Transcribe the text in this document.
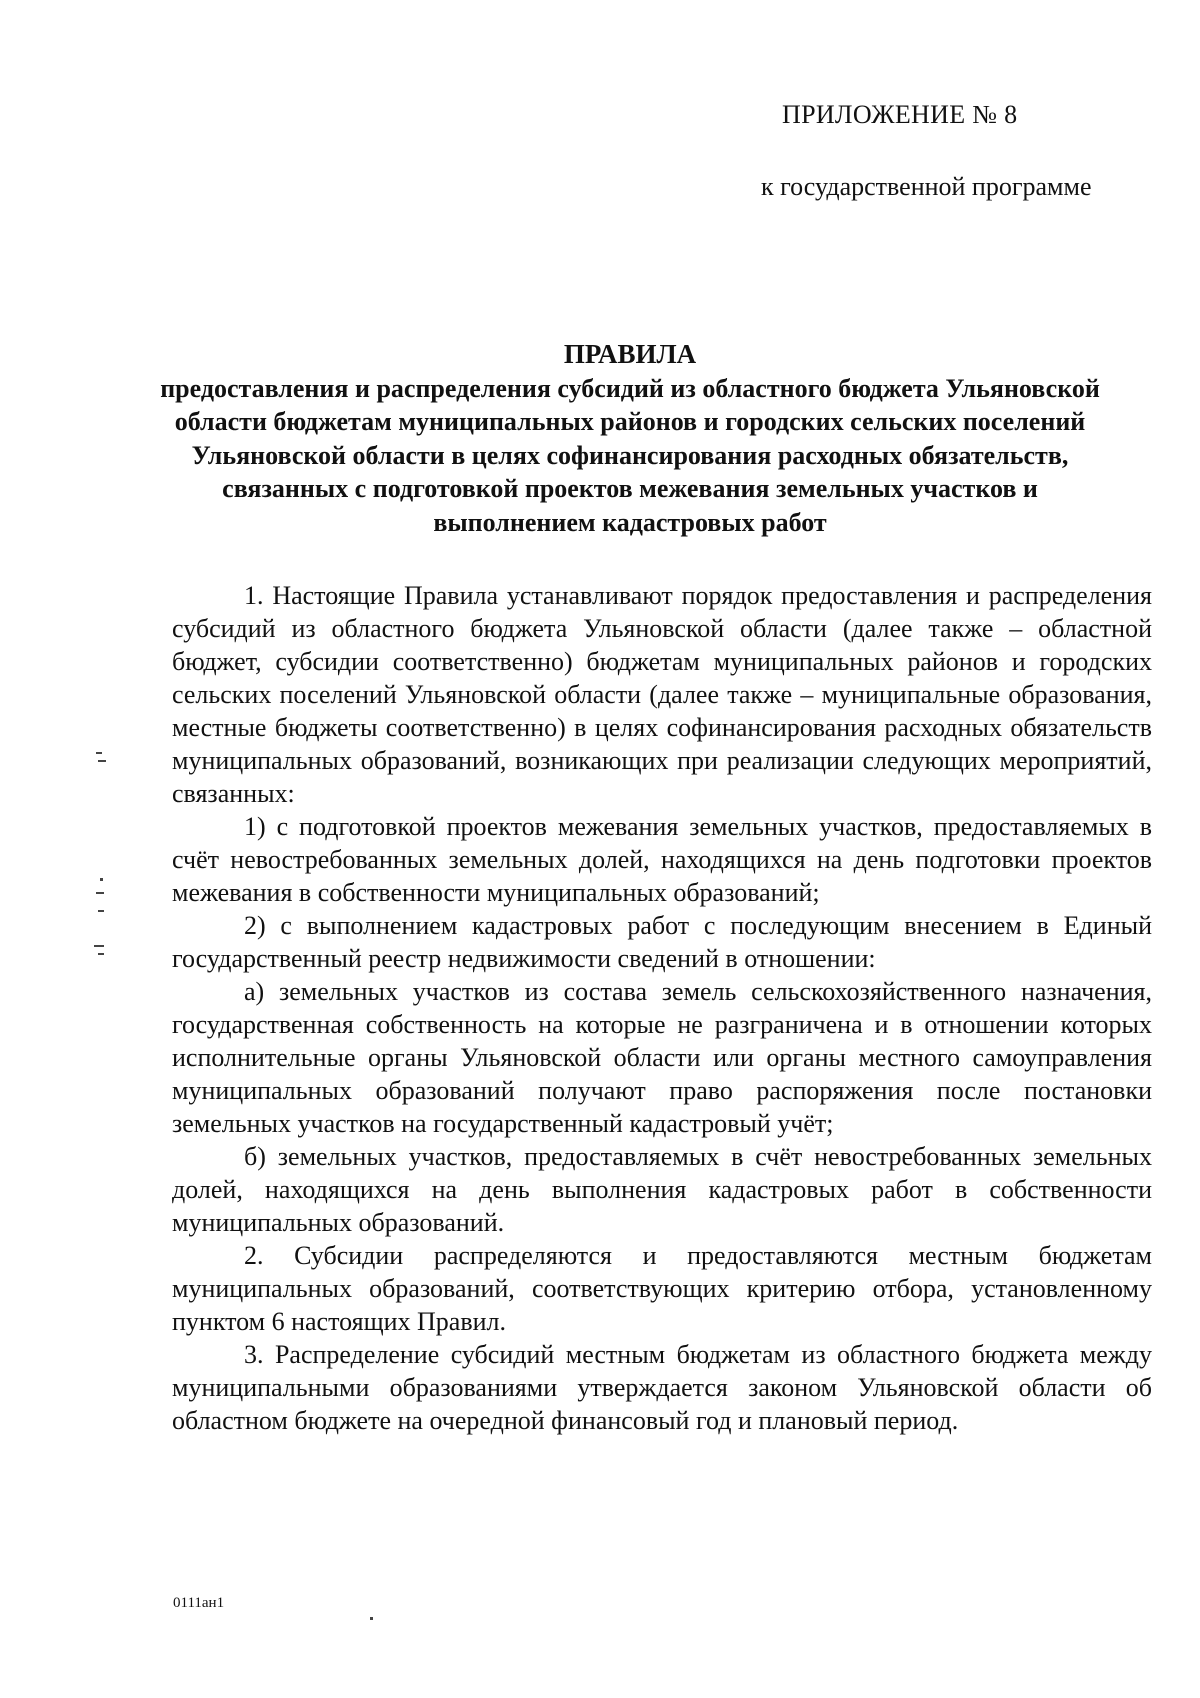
ПРИЛОЖЕНИЕ № 8
к государственной программе
ПРАВИЛА
предоставления и распределения субсидий из областного бюджета Ульяновской области бюджетам муниципальных районов и городских сельских поселений Ульяновской области в целях софинансирования расходных обязательств, связанных с подготовкой проектов межевания земельных участков и выполнением кадастровых работ

1. Настоящие Правила устанавливают порядок предоставления и распределения субсидий из областного бюджета Ульяновской области (далее также – областной бюджет, субсидии соответственно) бюджетам муниципальных районов и городских сельских поселений Ульяновской области (далее также – муниципальные образования, местные бюджеты соответственно) в целях софинансирования расходных обязательств муниципальных образований, возникающих при реализации следующих мероприятий, связанных:

1) с подготовкой проектов межевания земельных участков, предоставляемых в счёт невостребованных земельных долей, находящихся на день подготовки проектов межевания в собственности муниципальных образований;

2) с выполнением кадастровых работ с последующим внесением в Единый государственный реестр недвижимости сведений в отношении:

а) земельных участков из состава земель сельскохозяйственного назначения, государственная собственность на которые не разграничена и в отношении которых исполнительные органы Ульяновской области или органы местного самоуправления муниципальных образований получают право распоряжения после постановки земельных участков на государственный кадастровый учёт;

б) земельных участков, предоставляемых в счёт невостребованных земельных долей, находящихся на день выполнения кадастровых работ в собственности муниципальных образований.

2. Субсидии распределяются и предоставляются местным бюджетам муниципальных образований, соответствующих критерию отбора, установленному пунктом 6 настоящих Правил.

3. Распределение субсидий местным бюджетам из областного бюджета между муниципальными образованиями утверждается законом Ульяновской области об областном бюджете на очередной финансовый год и плановый период.

0111ан1
